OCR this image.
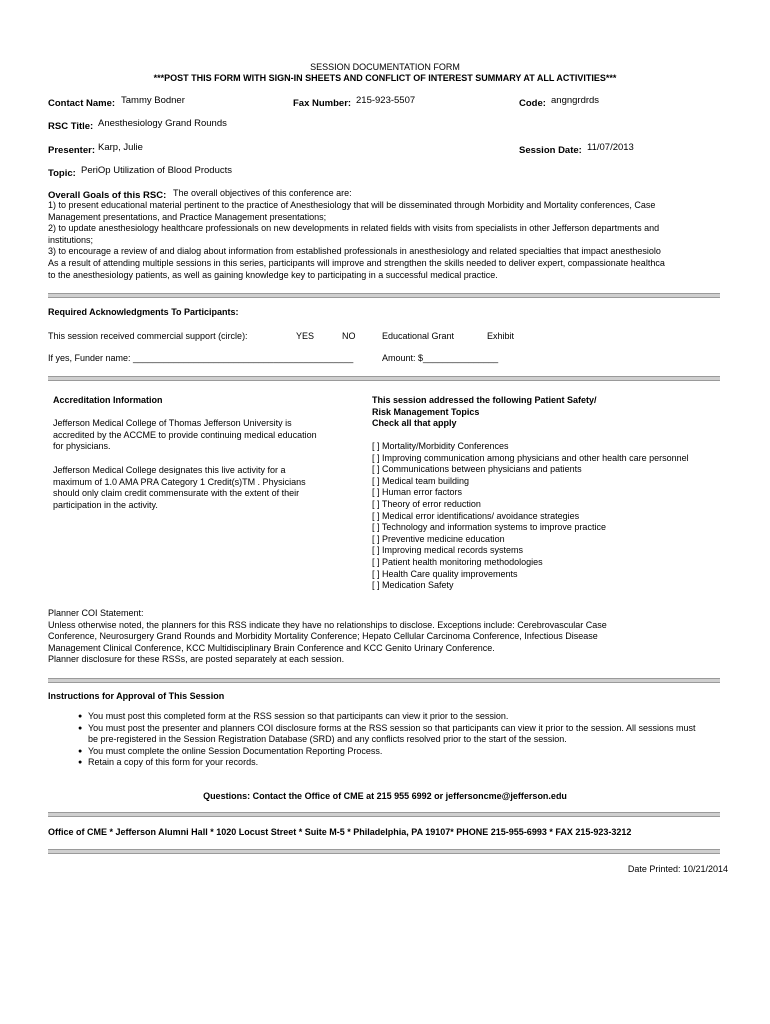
SESSION DOCUMENTATION FORM
***POST THIS FORM WITH SIGN-IN SHEETS AND CONFLICT OF INTEREST SUMMARY AT ALL ACTIVITIES***
Contact Name: Tammy Bodner	Fax Number: 215-923-5507	Code: angngrdrds
RSC Title: Anesthesiology Grand Rounds
Presenter: Karp, Julie	Session Date: 11/07/2013
Topic: PeriOp Utilization of Blood Products
Overall Goals of this RSC: The overall objectives of this conference are:
1) to present educational material pertinent to the practice of Anesthesiology that will be disseminated through Morbidity and Mortality conferences, Case
Management presentations, and Practice Management presentations;
2) to update anesthesiology healthcare professionals on new developments in related fields with visits from specialists in other Jefferson departments and
institutions;
3) to encourage a review of and dialog about information from established professionals in anesthesiology and related specialties that impact anesthesiolo
As a result of attending multiple sessions in this series, participants will improve and strengthen the skills needed to deliver expert, compassionate healthca
to the anesthesiology patients, as well as gaining knowledge key to participating in a successful medical practice.
Required Acknowledgments To Participants:
This session received commercial support (circle):	YES	NO	Educational Grant	Exhibit
If yes, Funder name: ____________________________________________	Amount: $_______________
Accreditation Information
Jefferson Medical College of Thomas Jefferson University is
accredited by the ACCME to provide continuing medical education
for physicians.
Jefferson Medical College designates this live activity for a
maximum of 1.0 AMA PRA Category 1 Credit(s)TM . Physicians
should only claim credit commensurate with the extent of their
participation in the activity.
This session addressed the following Patient Safety/
Risk Management Topics
Check all that apply
[ ] Mortality/Morbidity Conferences
[ ] Improving communication among physicians and other health care personnel
[ ] Communications between physicians and patients
[ ] Medical team building
[ ] Human error factors
[ ] Theory of error reduction
[ ] Medical error identifications/ avoidance strategies
[ ] Technology and information systems to improve practice
[ ] Preventive medicine education
[ ] Improving medical records systems
[ ] Patient health monitoring methodologies
[ ] Health Care quality improvements
[ ] Medication Safety
Planner COI Statement:
Unless otherwise noted, the planners for this RSS indicate they have no relationships to disclose. Exceptions include: Cerebrovascular Case
Conference, Neurosurgery Grand Rounds and Morbidity Mortality Conference; Hepato Cellular Carcinoma Conference, Infectious Disease
Management Clinical Conference, KCC Multidisciplinary Brain Conference and KCC Genito Urinary Conference.
Planner disclosure for these RSSs, are posted separately at each session.
Instructions for Approval of This Session
● You must post this completed form at the RSS session so that participants can view it prior to the session.
● You must post the presenter and planners COI disclosure forms at the RSS session so that participants can view it prior to the session. All sessions must be pre-registered in the Session Registration Database (SRD) and any conflicts resolved prior to the start of the session.
● You must complete the online Session Documentation Reporting Process.
● Retain a copy of this form for your records.
Questions: Contact the Office of CME at 215 955 6992 or jeffersoncme@jefferson.edu
Office of CME * Jefferson Alumni Hall * 1020 Locust Street * Suite M-5 * Philadelphia, PA 19107* PHONE 215-955-6993 * FAX 215-923-3212
Date Printed: 10/21/2014
